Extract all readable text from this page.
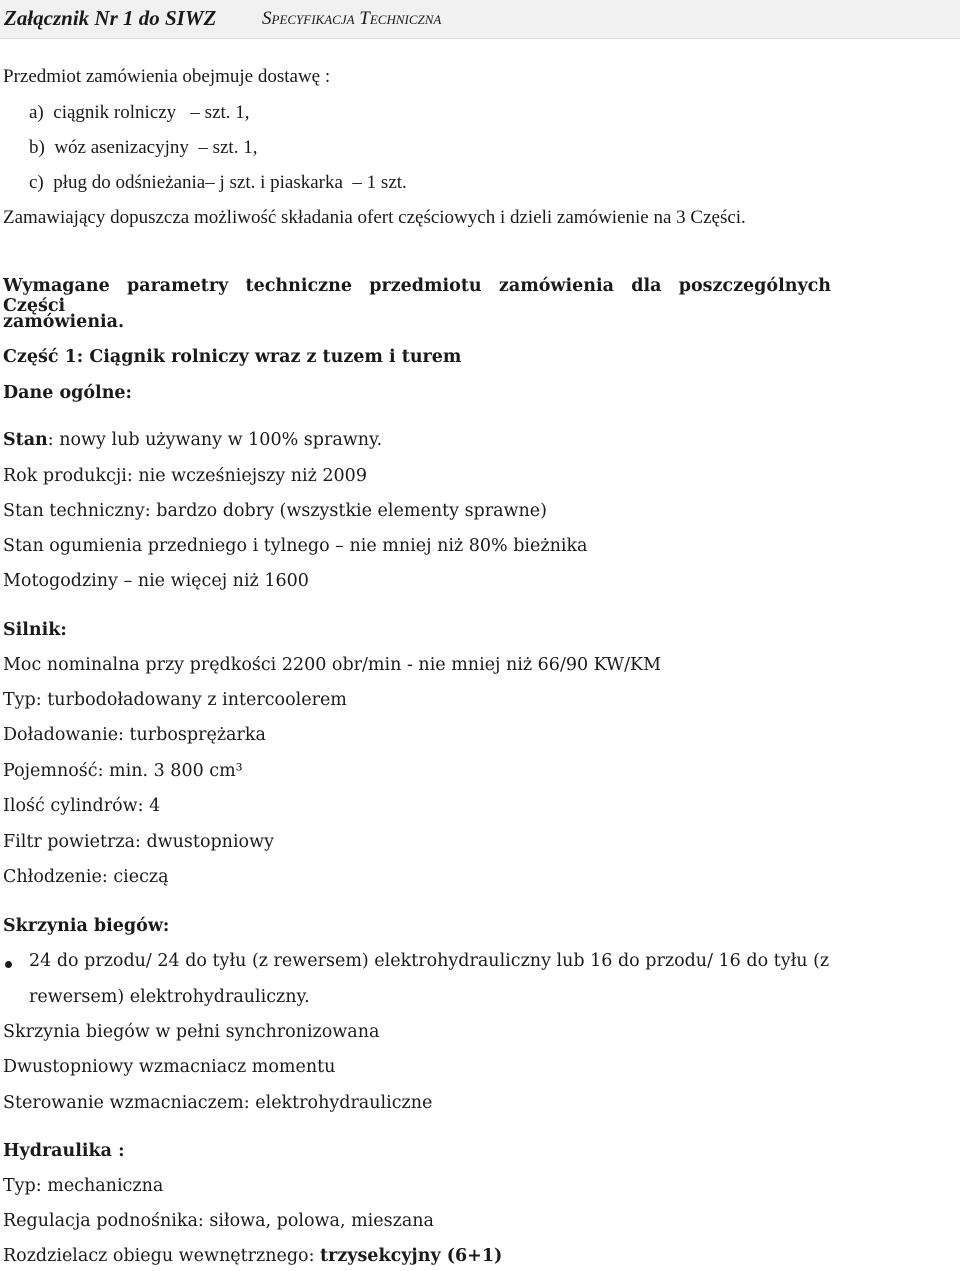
Załącznik Nr 1 do SIWZ Specyfikacja Techniczna
Przedmiot zamówienia obejmuje dostawę :
a)  ciągnik rolniczy   – szt. 1,
b)  wóz asenizacyjny  – szt. 1,
c)  pług do odśnieżania– j szt. i piaskarka  – 1 szt.
Zamawiający dopuszcza możliwość składania ofert częściowych i dzieli zamówienie na 3 Części.
Wymagane parametry techniczne przedmiotu zamówienia dla poszczególnych Części
zamówienia.
Część 1: Ciągnik rolniczy wraz z tuzem i turem
Dane ogólne:
Stan: nowy lub używany w 100% sprawny.
Rok produkcji: nie wcześniejszy niż 2009
Stan techniczny: bardzo dobry (wszystkie elementy sprawne)
Stan ogumienia przedniego i tylnego – nie mniej niż 80% bieżnika
Motogodziny – nie więcej niż 1600
Silnik:
Moc nominalna przy prędkości 2200 obr/min - nie mniej niż 66/90 KW/KM
Typ: turbodoładowany z intercoolerem
Doładowanie: turbosprężarka
Pojemność: min. 3 800 cm³
Ilość cylindrów: 4
Filtr powietrza: dwustopniowy
Chłodzenie: cieczą
Skrzynia biegów:
24 do przodu/ 24 do tyłu (z rewersem) elektrohydrauliczny lub 16 do przodu/ 16 do tyłu (z
rewersem) elektrohydrauliczny.
Skrzynia biegów w pełni synchronizowana
Dwustopniowy wzmacniacz momentu
Sterowanie wzmacniaczem: elektrohydrauliczne
Hydraulika :
Typ: mechaniczna
Regulacja podnośnika: siłowa, polowa, mieszana
Rozdzielacz obiegu wewnętrznego: trzysekcyjny (6+1)
